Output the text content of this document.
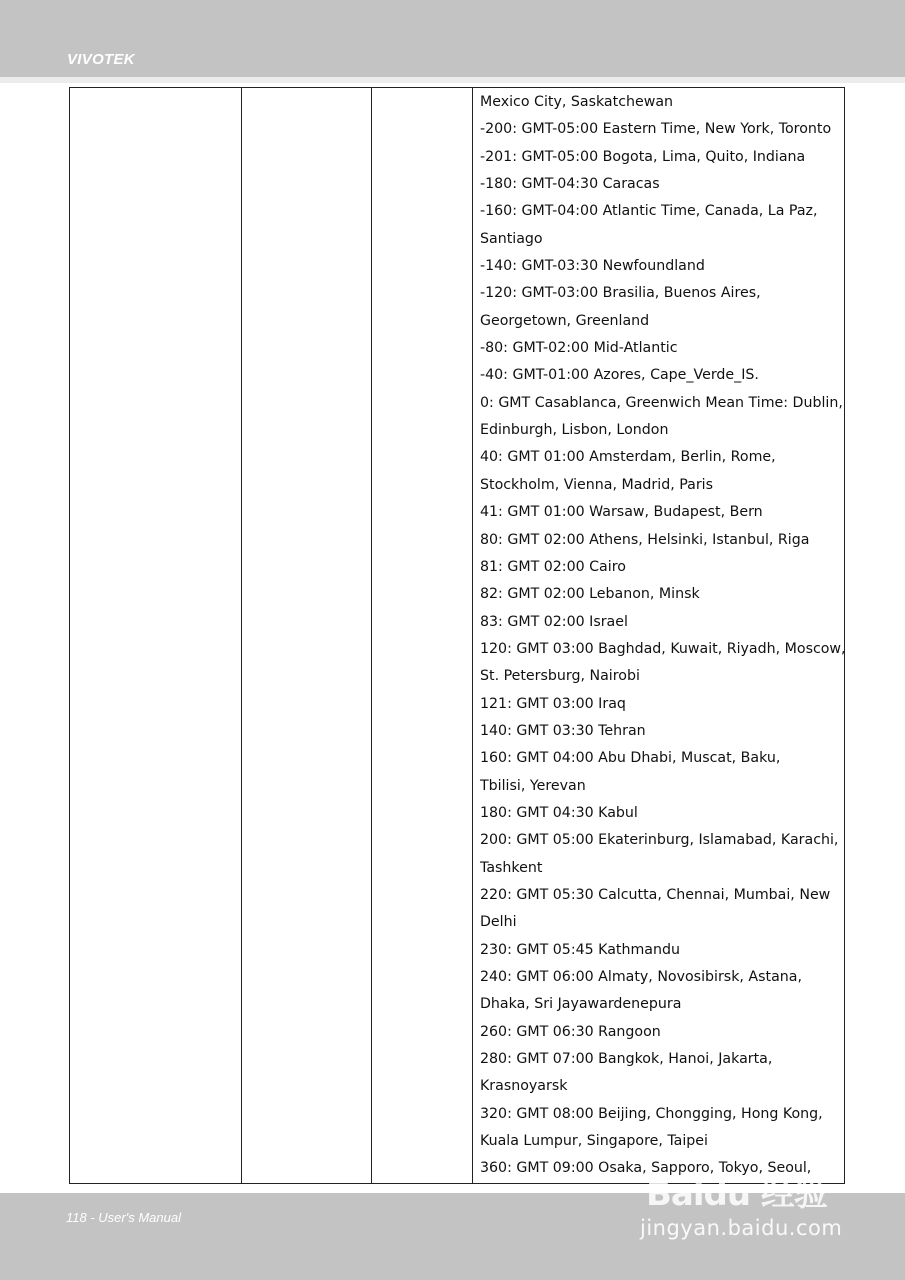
VIVOTEK

Mexico City, Saskatchewan
-200: GMT-05:00 Eastern Time, New York, Toronto
-201: GMT-05:00 Bogota, Lima, Quito, Indiana
-180: GMT-04:30 Caracas
-160: GMT-04:00 Atlantic Time, Canada, La Paz,
Santiago
-140: GMT-03:30 Newfoundland
-120: GMT-03:00 Brasilia, Buenos Aires,
Georgetown, Greenland
-80: GMT-02:00 Mid-Atlantic
-40: GMT-01:00 Azores, Cape_Verde_IS.
0: GMT Casablanca, Greenwich Mean Time: Dublin,
Edinburgh, Lisbon, London
40: GMT 01:00 Amsterdam, Berlin, Rome,
Stockholm, Vienna, Madrid, Paris
41: GMT 01:00 Warsaw, Budapest, Bern
80: GMT 02:00 Athens, Helsinki, Istanbul, Riga
81: GMT 02:00 Cairo
82: GMT 02:00 Lebanon, Minsk
83: GMT 02:00 Israel
120: GMT 03:00 Baghdad, Kuwait, Riyadh, Moscow,
St. Petersburg, Nairobi
121: GMT 03:00 Iraq
140: GMT 03:30 Tehran
160: GMT 04:00 Abu Dhabi, Muscat, Baku,
Tbilisi, Yerevan
180: GMT 04:30 Kabul
200: GMT 05:00 Ekaterinburg, Islamabad, Karachi,
Tashkent
220: GMT 05:30 Calcutta, Chennai, Mumbai, New
Delhi
230: GMT 05:45 Kathmandu
240: GMT 06:00 Almaty, Novosibirsk, Astana,
Dhaka, Sri Jayawardenepura
260: GMT 06:30 Rangoon
280: GMT 07:00 Bangkok, Hanoi, Jakarta,
Krasnoyarsk
320: GMT 08:00 Beijing, Chongging, Hong Kong,
Kuala Lumpur, Singapore, Taipei
360: GMT 09:00 Osaka, Sapporo, Tokyo, Seoul,
118 - User's Manual
Baidu 经验
jingyan.baidu.com
